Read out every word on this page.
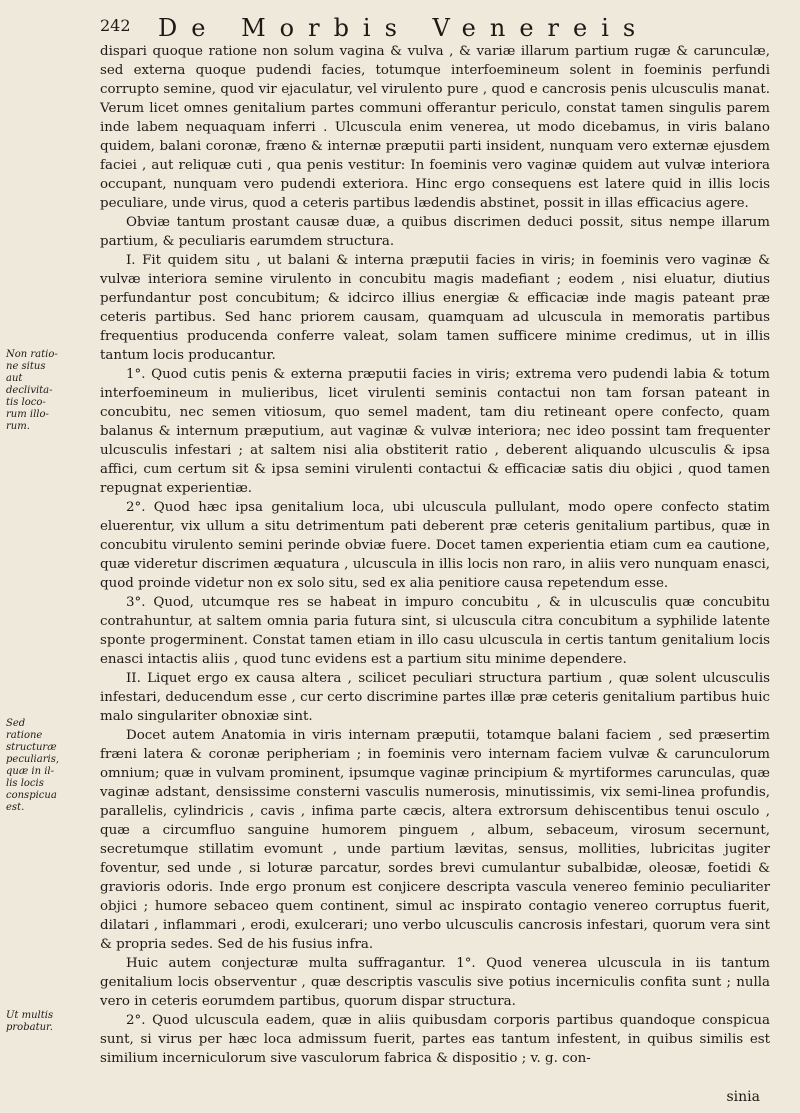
242 De Morbis Venereis
Non ratio-
ne situs aut
declivita-
tis loco-
rum illo-
rum.
Sed ratione
structuræ
peculiaris,
quæ in il-
lis locis
conspicua
est.
Ut multis
probatur.

dispari quoque ratione non solum vagina & vulva , & variæ illarum partium rugæ & carunculæ, sed externa quoque pudendi facies, totumque interfoemineum solent in foeminis perfundi corrupto semine, quod vir ejaculatur, vel virulento pure , quod e cancrosis penis ulcusculis manat. Verum licet omnes genitalium partes communi offerantur periculo, constat tamen singulis parem inde labem nequaquam inferri . Ulcuscula enim venerea, ut modo dicebamus, in viris balano quidem, balani coronæ, fræno & internæ præputii parti insident, nunquam vero externæ ejusdem faciei , aut reliquæ cuti , qua penis vestitur: In foeminis vero vaginæ quidem aut vulvæ interiora occupant, nunquam vero pudendi exteriora. Hinc ergo consequens est latere quid in illis locis peculiare, unde virus, quod a ceteris partibus lædendis abstinet, possit in illas efficacius agere.

Obviæ tantum prostant causæ duæ, a quibus discrimen deduci possit, situs nempe illarum partium, & peculiaris earumdem structura.

I. Fit quidem situ , ut balani & interna præputii facies in viris; in foeminis vero vaginæ & vulvæ interiora semine virulento in concubitu magis madefiant ; eodem , nisi eluatur, diutius perfundantur post concubitum; & idcirco illius energiæ & efficaciæ inde magis pateant præ ceteris partibus. Sed hanc priorem causam, quamquam ad ulcuscula in memoratis partibus frequentius producenda conferre valeat, solam tamen sufficere minime credimus, ut in illis tantum locis producantur.

1°. Quod cutis penis & externa præputii facies in viris; extrema vero pudendi labia & totum interfoemineum in mulieribus, licet virulenti seminis contactui non tam forsan pateant in concubitu, nec semen vitiosum, quo semel madent, tam diu retineant opere confecto, quam balanus & internum præputium, aut vaginæ & vulvæ interiora; nec ideo possint tam frequenter ulcusculis infestari ; at saltem nisi alia obstiterit ratio , deberent aliquando ulcusculis & ipsa affici, cum certum sit & ipsa semini virulenti contactui & efficaciæ satis diu objici , quod tamen repugnat experientiæ.

2°. Quod hæc ipsa genitalium loca, ubi ulcuscula pullulant, modo opere confecto statim eluerentur, vix ullum a situ detrimentum pati deberent præ ceteris genitalium partibus, quæ in concubitu virulento semini perinde obviæ fuere. Docet tamen experientia etiam cum ea cautione, quæ videretur discrimen æquatura , ulcuscula in illis locis non raro, in aliis vero nunquam enasci, quod proinde videtur non ex solo situ, sed ex alia penitiore causa repetendum esse.

3°. Quod, utcumque res se habeat in impuro concubitu , & in ulcusculis quæ concubitu contrahuntur, at saltem omnia paria futura sint, si ulcuscula citra concubitum a syphilide latente sponte progerminent. Constat tamen etiam in illo casu ulcuscula in certis tantum genitalium locis enasci intactis aliis , quod tunc evidens est a partium situ minime dependere.

II. Liquet ergo ex causa altera , scilicet peculiari structura partium , quæ solent ulcusculis infestari, deducendum esse , cur certo discrimine partes illæ præ ceteris genitalium partibus huic malo singulariter obnoxiæ sint.

Docet autem Anatomia in viris internam præputii, totamque balani faciem , sed præsertim fræni latera & coronæ peripheriam ; in foeminis vero internam faciem vulvæ & carunculorum omnium; quæ in vulvam prominent, ipsumque vaginæ principium & myrtiformes carunculas, quæ vaginæ adstant, densissime consterni vasculis numerosis, minutissimis, vix semi-linea profundis, parallelis, cylindricis , cavis , infima parte cæcis, altera extrorsum dehiscentibus tenui osculo , quæ a circumfluo sanguine humorem pinguem , album, sebaceum, virosum secernunt, secretumque stillatim evomunt , unde partium lævitas, sensus, mollities, lubricitas jugiter foventur, sed unde , si loturæ parcatur, sordes brevi cumulantur subalbidæ, oleosæ, foetidi & gravioris odoris. Inde ergo pronum est conjicere descripta vascula venereo feminio peculiariter objici ; humore sebaceo quem continent, simul ac inspirato contagio venereo corruptus fuerit, dilatari , inflammari , erodi, exulcerari; uno verbo ulcusculis cancrosis infestari, quorum vera sint & propria sedes. Sed de his fusius infra.

Huic autem conjecturæ multa suffragantur. 1°. Quod venerea ulcuscula in iis tantum genitalium locis observentur , quæ descriptis vasculis sive potius incerniculis confita sunt ; nulla vero in ceteris eorumdem partibus, quorum dispar structura.

2°. Quod ulcuscula eadem, quæ in aliis quibusdam corporis partibus quandoque conspicua sunt, si virus per hæc loca admissum fuerit, partes eas tantum infestent, in quibus similis est similium incerniculorum sive vasculorum fabrica & dispositio ; v. g. con-

sinia
